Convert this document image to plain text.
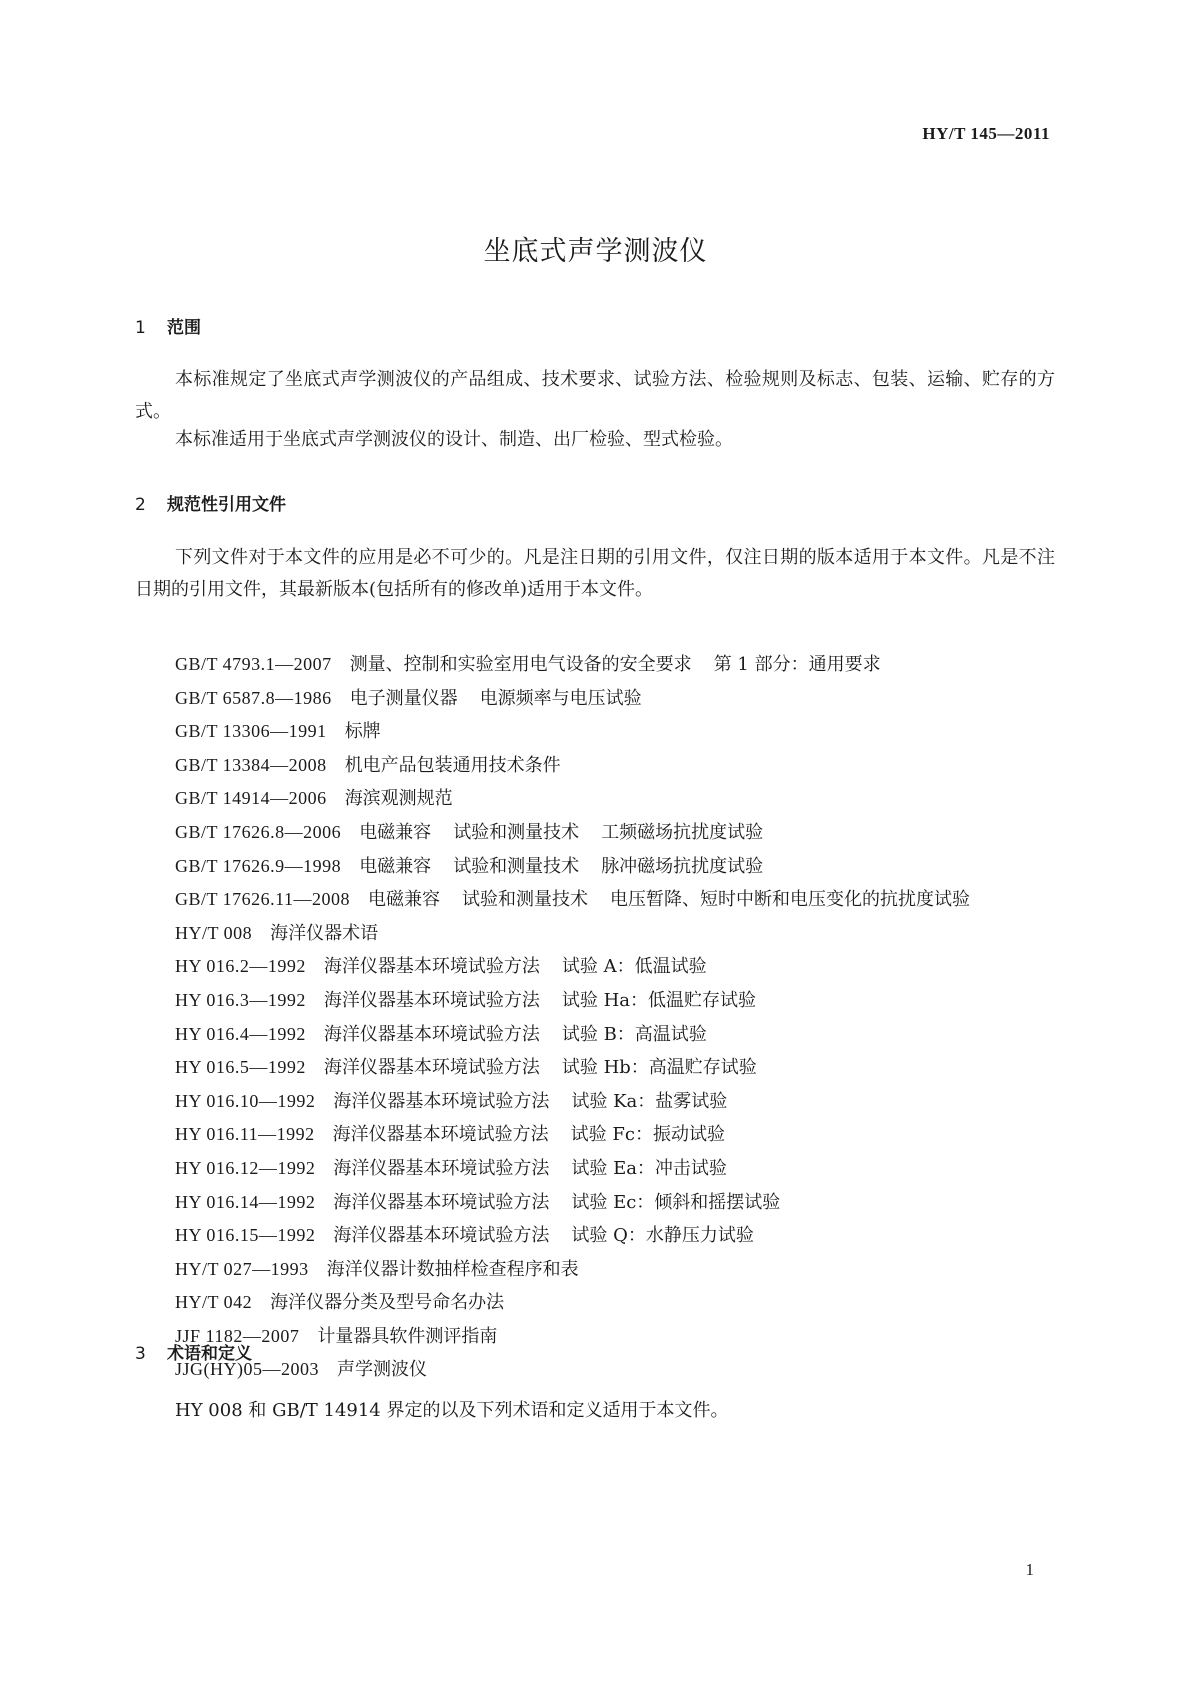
HY/T 145—2011
坐底式声学测波仪
1 范围
本标准规定了坐底式声学测波仪的产品组成、技术要求、试验方法、检验规则及标志、包装、运输、贮存的方式。
本标准适用于坐底式声学测波仪的设计、制造、出厂检验、型式检验。
2 规范性引用文件
下列文件对于本文件的应用是必不可少的。凡是注日期的引用文件，仅注日期的版本适用于本文件。凡是不注日期的引用文件，其最新版本(包括所有的修改单)适用于本文件。
GB/T 4793.1—2007 测量、控制和实验室用电气设备的安全要求 第 1 部分：通用要求
GB/T 6587.8—1986 电子测量仪器 电源频率与电压试验
GB/T 13306—1991 标牌
GB/T 13384—2008 机电产品包装通用技术条件
GB/T 14914—2006 海滨观测规范
GB/T 17626.8—2006 电磁兼容 试验和测量技术 工频磁场抗扰度试验
GB/T 17626.9—1998 电磁兼容 试验和测量技术 脉冲磁场抗扰度试验
GB/T 17626.11—2008 电磁兼容 试验和测量技术 电压暂降、短时中断和电压变化的抗扰度试验
HY/T 008 海洋仪器术语
HY 016.2—1992 海洋仪器基本环境试验方法 试验 A：低温试验
HY 016.3—1992 海洋仪器基本环境试验方法 试验 Ha：低温贮存试验
HY 016.4—1992 海洋仪器基本环境试验方法 试验 B：高温试验
HY 016.5—1992 海洋仪器基本环境试验方法 试验 Hb：高温贮存试验
HY 016.10—1992 海洋仪器基本环境试验方法 试验 Ka：盐雾试验
HY 016.11—1992 海洋仪器基本环境试验方法 试验 Fc：振动试验
HY 016.12—1992 海洋仪器基本环境试验方法 试验 Ea：冲击试验
HY 016.14—1992 海洋仪器基本环境试验方法 试验 Ec：倾斜和摇摆试验
HY 016.15—1992 海洋仪器基本环境试验方法 试验 Q：水静压力试验
HY/T 027—1993 海洋仪器计数抽样检查程序和表
HY/T 042 海洋仪器分类及型号命名办法
JJF 1182—2007 计量器具软件测评指南
JJG(HY)05—2003 声学测波仪
3 术语和定义
HY 008 和 GB/T 14914 界定的以及下列术语和定义适用于本文件。
1
